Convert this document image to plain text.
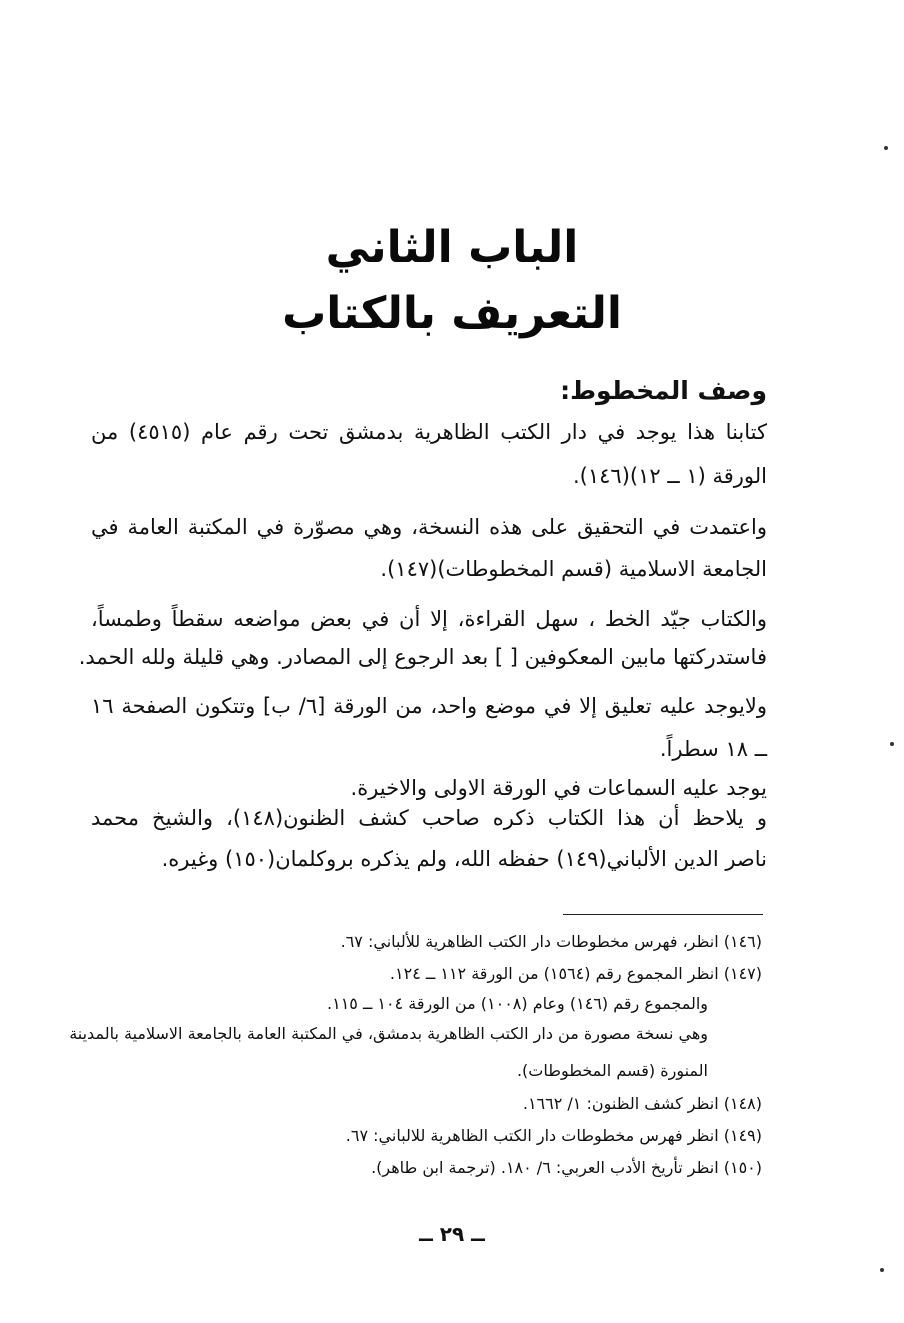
الباب الثاني
التعريف بالكتاب
وصف المخطوط:
كتابنا هذا يوجد في دار الكتب الظاهرية بدمشق تحت رقم عام (٤٥١٥) من
الورقة (١ ــ ١٢)(١٤٦).
واعتمدت في التحقيق على هذه النسخة، وهي مصوّرة في المكتبة العامة في
الجامعة الاسلامية (قسم المخطوطات)(١٤٧).
والكتاب جيّد الخط ، سهل القراءة، إلا أن في بعض مواضعه سقطاً وطمساً،
فاستدركتها مابين المعكوفين [ ] بعد الرجوع إلى المصادر. وهي قليلة ولله الحمد.
ولايوجد عليه تعليق إلا في موضع واحد، من الورقة [٦/ ب] وتتكون الصفحة ١٦
ــ ١٨ سطراً.
يوجد عليه السماعات في الورقة الاولى والاخيرة.
و يلاحظ أن هذا الكتاب ذكره صاحب كشف الظنون(١٤٨)، والشيخ محمد
ناصر الدين الألباني(١٤٩) حفظه الله، ولم يذكره بروكلمان(١٥٠) وغيره.
(١٤٦) انظر، فهرس مخطوطات دار الكتب الظاهرية للألباني: ٦٧.
(١٤٧) انظر المجموع رقم (١٥٦٤) من الورقة ١١٢ ــ ١٢٤.
والمجموع رقم (١٤٦) وعام (١٠٠٨) من الورقة ١٠٤ ــ ١١٥.
وهي نسخة مصورة من دار الكتب الظاهرية بدمشق، في المكتبة العامة بالجامعة الاسلامية بالمدينة
المنورة (قسم المخطوطات).
(١٤٨) انظر كشف الظنون: ١/ ١٦٦٢.
(١٤٩) انظر فهرس مخطوطات دار الكتب الظاهرية للالباني: ٦٧.
(١٥٠) انظر تأريخ الأدب العربي: ٦/ ١٨٠. (ترجمة ابن طاهر).
ــ ٢٩ ــ
